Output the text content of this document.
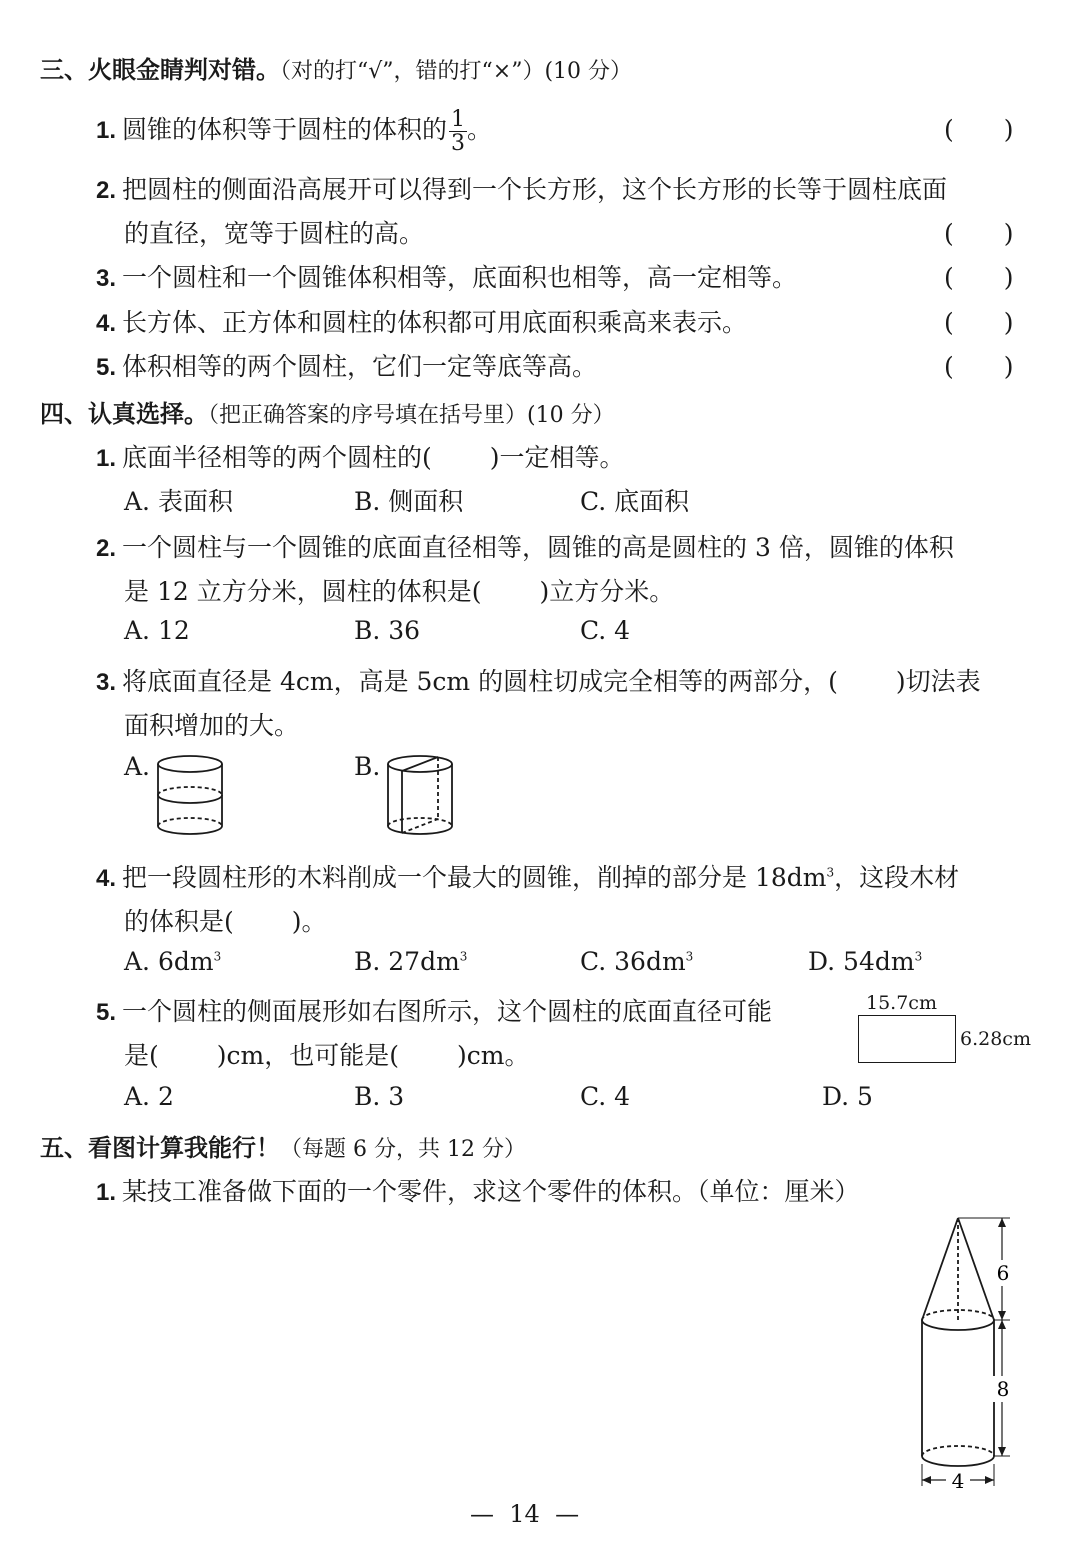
三、火眼金睛判对错。（对的打“√”，错的打“×”）(10 分）
1. 圆锥的体积等于圆柱的体积的 $\frac{1}{3}$ 。	(　　)
2. 把圆柱的侧面沿高展开可以得到一个长方形，这个长方形的长等于圆柱底面
的直径，宽等于圆柱的高。	(　　)
3. 一个圆柱和一个圆锥体积相等，底面积也相等，高一定相等。	(　　)
4. 长方体、正方体和圆柱的体积都可用底面积乘高来表示。	(　　)
5. 体积相等的两个圆柱，它们一定等底等高。	(　　)
四、认真选择。（把正确答案的序号填在括号里）(10 分）
1. 底面半径相等的两个圆柱的( )一定相等。
A. 表面积	B. 侧面积	C. 底面积
2. 一个圆柱与一个圆锥的底面直径相等，圆锥的高是圆柱的 3 倍，圆锥的体积
是 12 立方分米，圆柱的体积是( )立方分米。
A. 12	B. 36	C. 4
3. 将底面直径是 4cm，高是 5cm 的圆柱切成完全相等的两部分，( )切法表
面积增加的大。
A.	B.
4. 把一段圆柱形的木料削成一个最大的圆锥，削掉的部分是 $18dm^3$，这段木材
的体积是( )。
A. $6dm^3$	B. $27dm^3$	C. $36dm^3$	D. $54dm^3$
5. 一个圆柱的侧面展形如右图所示，这个圆柱的底面直径可能
是( )cm，也可能是( )cm。
15.7cm
6.28cm
A. 2	B. 3	C. 4	D. 5
五、看图计算我能行！（每题 6 分，共 12 分）
1. 某技工准备做下面的一个零件，求这个零件的体积。（单位：厘米）
6
8
4
— 14 —
